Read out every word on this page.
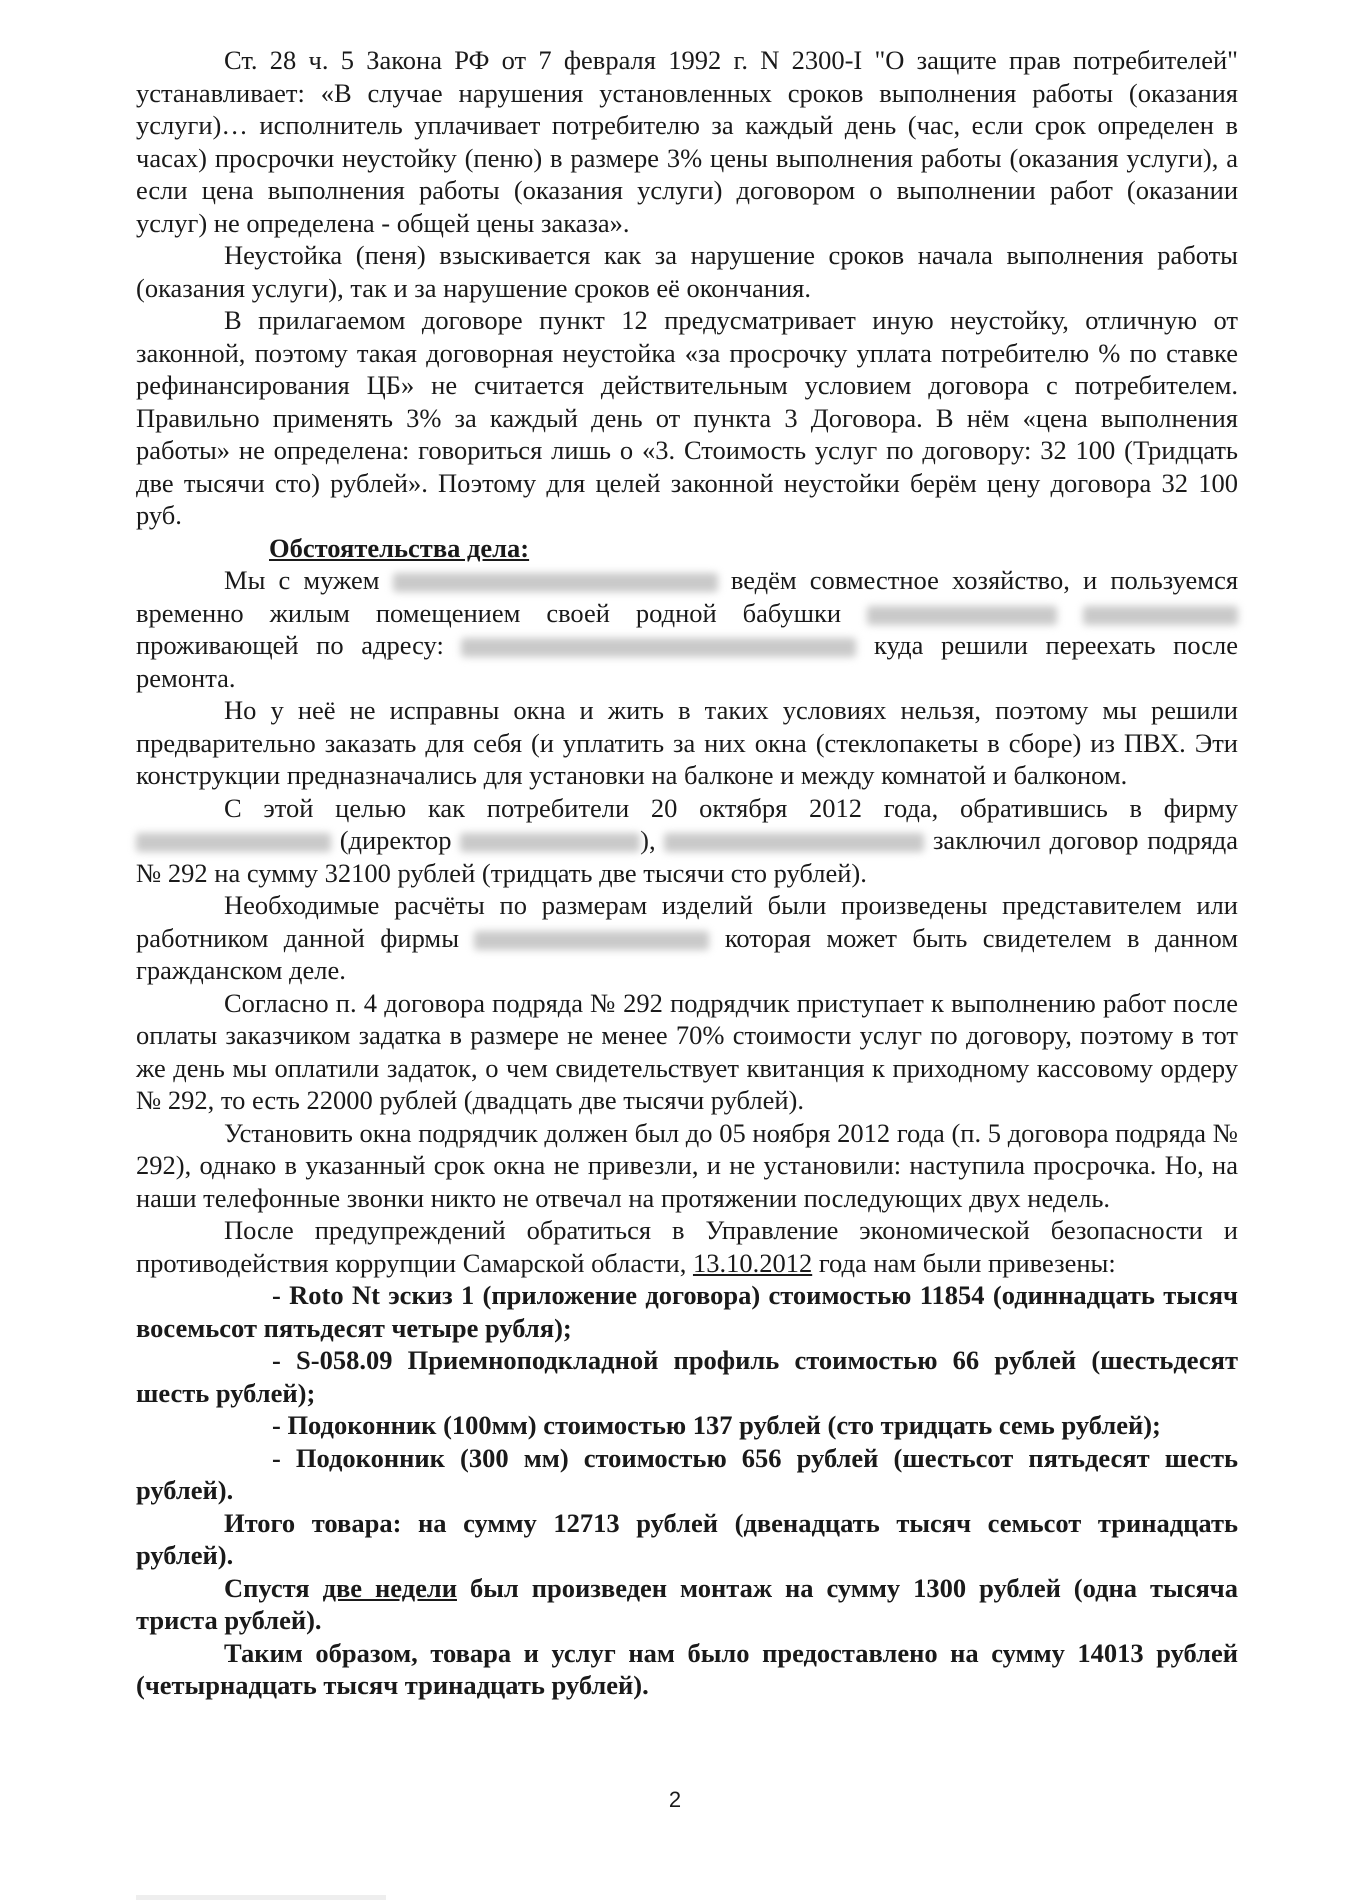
Ст. 28 ч. 5 Закона РФ от 7 февраля 1992 г. N 2300-I "О защите прав потребителей" устанавливает: «В случае нарушения установленных сроков выполнения работы (оказания услуги)… исполнитель уплачивает потребителю за каждый день (час, если срок определен в часах) просрочки неустойку (пеню) в размере 3% цены выполнения работы (оказания услуги), а если цена выполнения работы (оказания услуги) договором о выполнении работ (оказании услуг) не определена - общей цены заказа».

Неустойка (пеня) взыскивается как за нарушение сроков начала выполнения работы (оказания услуги), так и за нарушение сроков её окончания.

В прилагаемом договоре пункт 12 предусматривает иную неустойку, отличную от законной, поэтому такая договорная неустойка «за просрочку уплата потребителю % по ставке рефинансирования ЦБ» не считается действительным условием договора с потребителем. Правильно применять 3% за каждый день от пункта 3 Договора. В нём «цена выполнения работы» не определена: говориться лишь о «3. Стоимость услуг по договору: 32 100 (Тридцать две тысячи сто) рублей». Поэтому для целей законной неустойки берём цену договора 32 100 руб.

Обстоятельства дела:

Мы с мужем	ведём совместное хозяйство, и пользуемся временно жилым помещением своей родной бабушки   проживающей по адресу:	куда решили переехать после ремонта.

Но у неё не исправны окна и жить в таких условиях нельзя, поэтому мы решили предварительно заказать для себя (и уплатить за них окна (стеклопакеты в сборе) из ПВХ. Эти конструкции предназначались для установки на балконе и между комнатой и балконом.

С этой целью как потребители 20 октября 2012 года, обратившись в фирму  (директор	),	заключил договор подряда № 292 на сумму 32100 рублей (тридцать две тысячи сто рублей).

Необходимые расчёты по размерам изделий были произведены представителем или работником данной фирмы	которая может быть свидетелем в данном гражданском деле.

Согласно п. 4 договора подряда № 292 подрядчик приступает к выполнению работ после оплаты заказчиком задатка в размере не менее 70% стоимости услуг по договору, поэтому в тот же день мы оплатили задаток, о чем свидетельствует квитанция к приходному кассовому ордеру № 292, то есть 22000 рублей (двадцать две тысячи рублей).

Установить окна подрядчик должен был до 05 ноября 2012 года (п. 5 договора подряда № 292), однако в указанный срок окна не привезли, и не установили: наступила просрочка. Но, на наши телефонные звонки никто не отвечал на протяжении последующих двух недель.

После предупреждений обратиться в Управление экономической безопасности и противодействия коррупции Самарской области, 13.10.2012 года нам были привезены:

- Roto Nt эскиз 1 (приложение договора) стоимостью 11854 (одиннадцать тысяч восемьсот пятьдесят четыре рубля);

- S-058.09 Приемноподкладной профиль стоимостью 66 рублей (шестьдесят шесть рублей);

- Подоконник (100мм) стоимостью 137 рублей (сто тридцать семь рублей);

- Подоконник (300 мм) стоимостью 656 рублей (шестьсот пятьдесят шесть рублей).

Итого товара: на сумму 12713 рублей (двенадцать тысяч семьсот тринадцать рублей).

Спустя две недели был произведен монтаж на сумму 1300 рублей (одна тысяча триста рублей).

Таким образом, товара и услуг нам было предоставлено на сумму 14013 рублей (четырнадцать тысяч тринадцать рублей).

2
